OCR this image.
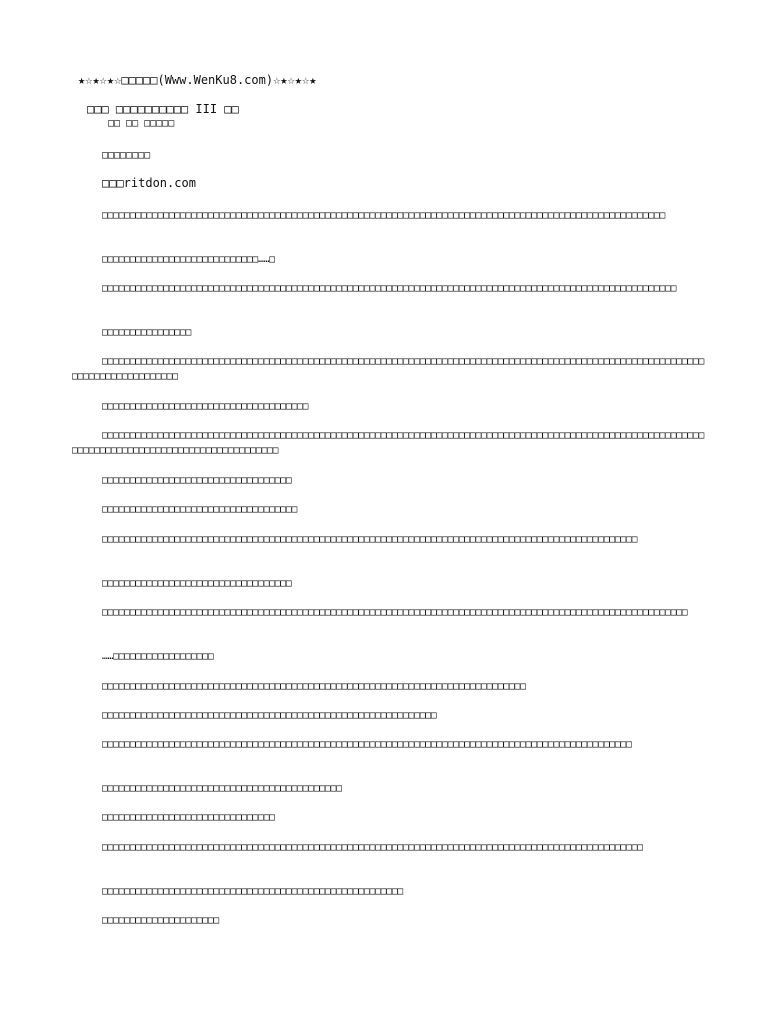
★☆★☆★☆□□□□□(Www.WenKu8.com)☆★☆★☆★
□□□ □□□□□□□□□□ III □□
□□ □□ □□□□□
□□□□□□□□
□□□ritdon.com
□□□□□□□□□□□□□□□□□□□□□□□□□□□□□□□□□□□□□□□□□□□□□□□□□□□□□□□□□□□□□□□□□□□□□□□□□□□□□□□□□□□□□□□□□□□□□□□□□□□□□
□□□□□□□□□□□□□□□□□□□□□□□□□□□□……□
□□□□□□□□□□□□□□□□□□□□□□□□□□□□□□□□□□□□□□□□□□□□□□□□□□□□□□□□□□□□□□□□□□□□□□□□□□□□□□□□□□□□□□□□□□□□□□□□□□□□□□□
□□□□□□□□□□□□□□□□
□□□□□□□□□□□□□□□□□□□□□□□□□□□□□□□□□□□□□□□□□□□□□□□□□□□□□□□□□□□□□□□□□□□□□□□□□□□□□□□□□□□□□□□□□□□□□□□□□□□□□□□□□□□□□□□□□□□□□□□□□□□□□□□
□□□□□□□□□□□□□□□□□□□□□□□□□□□□□□□□□□□□□
□□□□□□□□□□□□□□□□□□□□□□□□□□□□□□□□□□□□□□□□□□□□□□□□□□□□□□□□□□□□□□□□□□□□□□□□□□□□□□□□□□□□□□□□□□□□□□□□□□□□□□□□□□□□□□□□□□□□□□□□□□□□□□□□□□□□□□□□□□□□□□□□□
□□□□□□□□□□□□□□□□□□□□□□□□□□□□□□□□□□
□□□□□□□□□□□□□□□□□□□□□□□□□□□□□□□□□□□
□□□□□□□□□□□□□□□□□□□□□□□□□□□□□□□□□□□□□□□□□□□□□□□□□□□□□□□□□□□□□□□□□□□□□□□□□□□□□□□□□□□□□□□□□□□□□□□□
□□□□□□□□□□□□□□□□□□□□□□□□□□□□□□□□□□
□□□□□□□□□□□□□□□□□□□□□□□□□□□□□□□□□□□□□□□□□□□□□□□□□□□□□□□□□□□□□□□□□□□□□□□□□□□□□□□□□□□□□□□□□□□□□□□□□□□□□□□□□
……□□□□□□□□□□□□□□□□□□
□□□□□□□□□□□□□□□□□□□□□□□□□□□□□□□□□□□□□□□□□□□□□□□□□□□□□□□□□□□□□□□□□□□□□□□□□□□□
□□□□□□□□□□□□□□□□□□□□□□□□□□□□□□□□□□□□□□□□□□□□□□□□□□□□□□□□□□□□
□□□□□□□□□□□□□□□□□□□□□□□□□□□□□□□□□□□□□□□□□□□□□□□□□□□□□□□□□□□□□□□□□□□□□□□□□□□□□□□□□□□□□□□□□□□□□□□
□□□□□□□□□□□□□□□□□□□□□□□□□□□□□□□□□□□□□□□□□□□
□□□□□□□□□□□□□□□□□□□□□□□□□□□□□□□
□□□□□□□□□□□□□□□□□□□□□□□□□□□□□□□□□□□□□□□□□□□□□□□□□□□□□□□□□□□□□□□□□□□□□□□□□□□□□□□□□□□□□□□□□□□□□□□□□
□□□□□□□□□□□□□□□□□□□□□□□□□□□□□□□□□□□□□□□□□□□□□□□□□□□□□□
□□□□□□□□□□□□□□□□□□□□□
